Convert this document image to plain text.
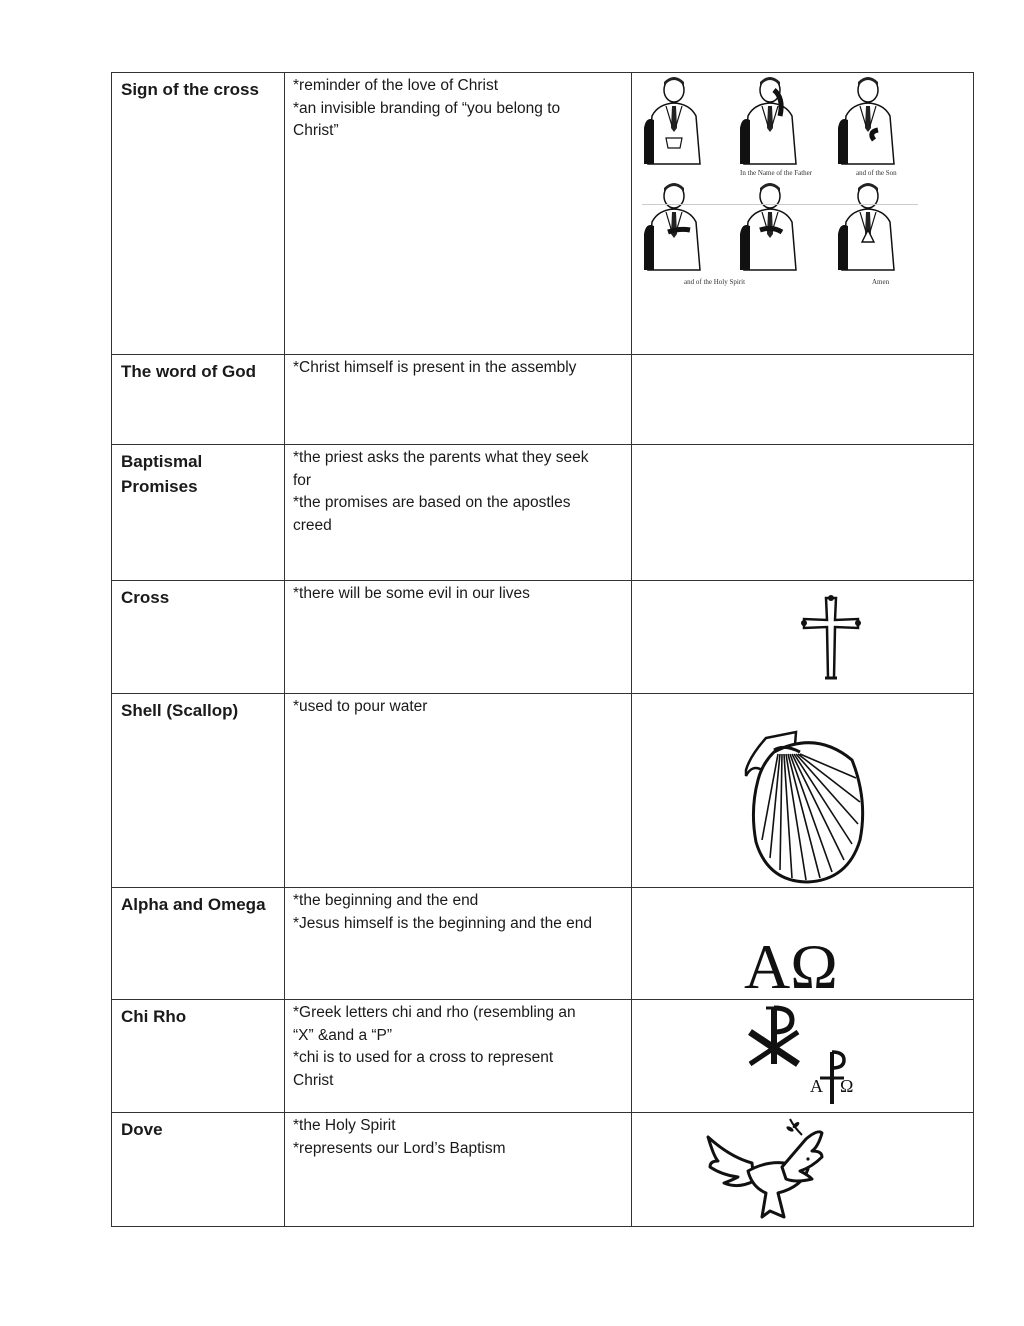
Sign of the cross	*reminder of the love of Christ
*an invisible branding of “you belong to
Christ”	In the Name of the Father and of the Son
and of the Holy Spirit Amen

The word of God	*Christ himself is present in the assembly	

Baptismal
Promises	*the priest asks the parents what they seek
for
*the promises are based on the apostles
creed	

Cross	*there will be some evil in our lives

Shell (Scallop)	*used to pour water

Alpha and Omega	*the beginning and the end
*Jesus himself is the beginning and the end	AΩ

Chi Rho	*Greek letters chi and rho (resembling an
“X” &and a “P”
*chi is to used for a cross to represent
Christ	A Ω

Dove	*the Holy Spirit
*represents our Lord’s Baptism
